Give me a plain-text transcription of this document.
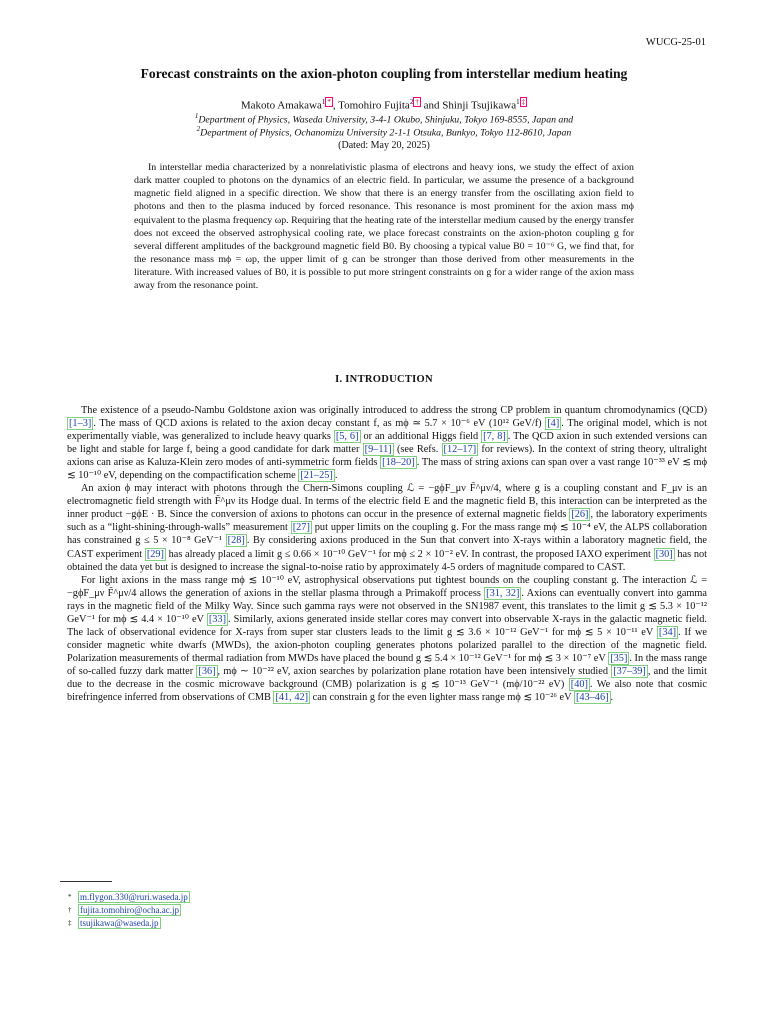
WUCG-25-01
Forecast constraints on the axion-photon coupling from interstellar medium heating
Makoto Amakawa$^1$ * , Tomohiro Fujita$^2$ † and Shinji Tsujikawa$^1$ ‡
$^1$Department of Physics, Waseda University, 3-4-1 Okubo, Shinjuku, Tokyo 169-8555, Japan and
$^2$Department of Physics, Ochanomizu University 2-1-1 Otsuka, Bunkyo, Tokyo 112-8610, Japan
(Dated: May 20, 2025)
In interstellar media characterized by a nonrelativistic plasma of electrons and heavy ions, we study the effect of axion dark matter coupled to photons on the dynamics of an electric field. In particular, we assume the presence of a background magnetic field aligned in a specific direction. We show that there is an energy transfer from the oscillating axion field to photons and then to the plasma induced by forced resonance. This resonance is most prominent for the axion mass mϕ equivalent to the plasma frequency ωp. Requiring that the heating rate of the interstellar medium caused by the energy transfer does not exceed the observed astrophysical cooling rate, we place forecast constraints on the axion-photon coupling g for several different amplitudes of the background magnetic field B0. By choosing a typical value B0 = 10⁻⁶ G, we find that, for the resonance mass mϕ = ωp, the upper limit of g can be stronger than those derived from other measurements in the literature. With increased values of B0, it is possible to put more stringent constraints on g for a wider range of the axion mass away from the resonance point.
I. INTRODUCTION

The existence of a pseudo-Nambu Goldstone axion was originally introduced to address the strong CP problem in quantum chromodynamics (QCD) [1–3] . The mass of QCD axions is related to the axion decay constant f, as mϕ ≃ 5.7 × 10⁻⁶ eV (10¹² GeV/f) [4] . The original model, which is not experimentally viable, was generalized to include heavy quarks [5, 6] or an additional Higgs field [7, 8] . The QCD axion in such extended versions can be light and stable for large f, being a good candidate for dark matter [9–11] (see Refs. [12–17] for reviews). In the context of string theory, ultralight axions can arise as Kaluza-Klein zero modes of anti-symmetric form fields [18–20] . The mass of string axions can span over a vast range 10⁻³³ eV ≲ mϕ ≲ 10⁻¹⁰ eV, depending on the compactification scheme [21–25] .

An axion ϕ may interact with photons through the Chern-Simons coupling ℒ = −gϕF_μν F̃^μν/4, where g is a coupling constant and F_μν is an electromagnetic field strength with F̃^μν its Hodge dual. In terms of the electric field E and the magnetic field B, this interaction can be interpreted as the inner product −gϕE · B. Since the conversion of axions to photons can occur in the presence of external magnetic fields [26] , the laboratory experiments such as a “light-shining-through-walls” measurement [27] put upper limits on the coupling g. For the mass range mϕ ≲ 10⁻⁴ eV, the ALPS collaboration has constrained g ≤ 5 × 10⁻⁸ GeV⁻¹ [28] . By considering axions produced in the Sun that convert into X-rays within a laboratory magnetic field, the CAST experiment [29] has already placed a limit g ≤ 0.66 × 10⁻¹⁰ GeV⁻¹ for mϕ ≤ 2 × 10⁻² eV. In contrast, the proposed IAXO experiment [30] has not obtained the data yet but is designed to increase the signal-to-noise ratio by approximately 4-5 orders of magnitude compared to CAST.

For light axions in the mass range mϕ ≲ 10⁻¹⁰ eV, astrophysical observations put tightest bounds on the coupling constant g. The interaction ℒ = −gϕF_μν F̃^μν/4 allows the generation of axions in the stellar plasma through a Primakoff process [31, 32] . Axions can eventually convert into gamma rays in the magnetic field of the Milky Way. Since such gamma rays were not observed in the SN1987 event, this translates to the limit g ≲ 5.3 × 10⁻¹² GeV⁻¹ for mϕ ≲ 4.4 × 10⁻¹⁰ eV [33] . Similarly, axions generated inside stellar cores may convert into observable X-rays in the galactic magnetic field. The lack of observational evidence for X-rays from super star clusters leads to the limit g ≲ 3.6 × 10⁻¹² GeV⁻¹ for mϕ ≲ 5 × 10⁻¹¹ eV [34] . If we consider magnetic white dwarfs (MWDs), the axion-photon coupling generates photons polarized parallel to the direction of the magnetic field. Polarization measurements of thermal radiation from MWDs have placed the bound g ≲ 5.4 × 10⁻¹² GeV⁻¹ for mϕ ≲ 3 × 10⁻⁷ eV [35] . In the mass range of so-called fuzzy dark matter [36] , mϕ ∼ 10⁻²² eV, axion searches by polarization plane rotation have been intensively studied [37–39] , and the limit due to the decrease in the cosmic microwave background (CMB) polarization is g ≲ 10⁻¹³ GeV⁻¹ (mϕ/10⁻²² eV) [40] . We also note that cosmic birefringence inferred from observations of CMB [41, 42] can constrain g for the even lighter mass range mϕ ≲ 10⁻²⁶ eV [43–46] .

* m.flygon.330@ruri.waseda.jp
† fujita.tomohiro@ocha.ac.jp
‡ tsujikawa@waseda.jp
